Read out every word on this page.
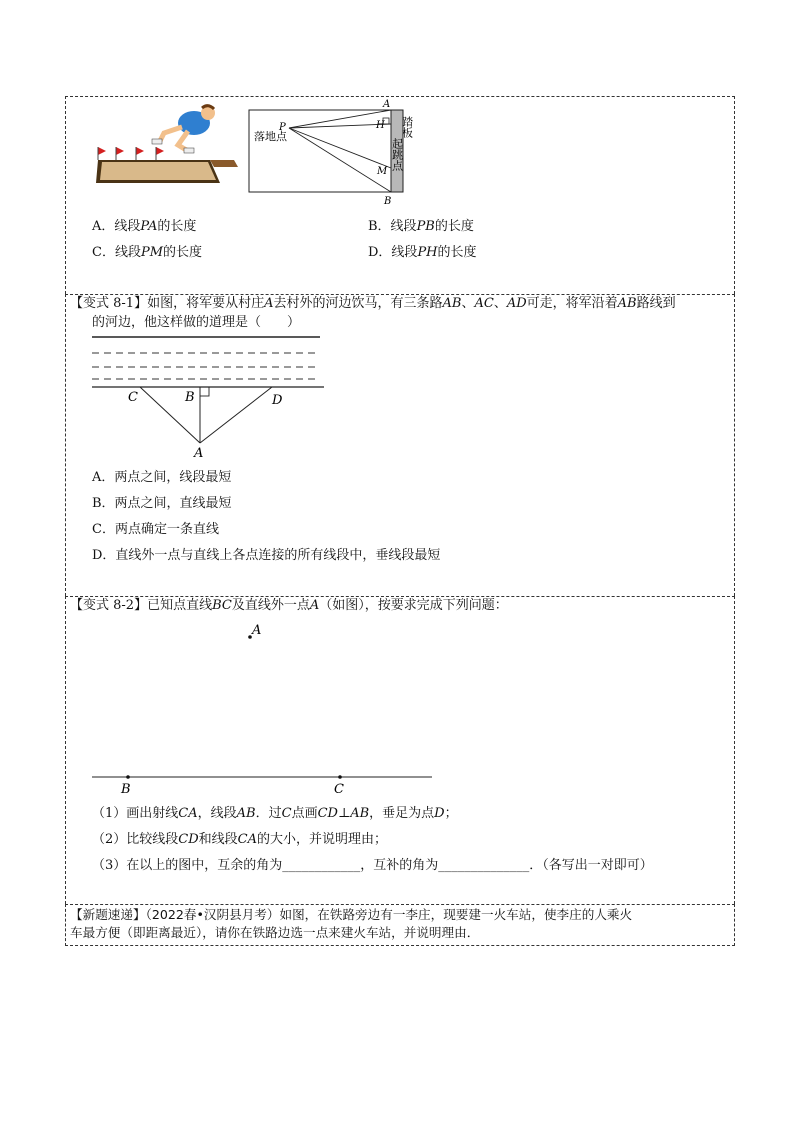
A
H
P
M
B
落地点	踏板
起跳点
A．线段PA的长度	B．线段PB的长度
C．线段PM的长度	D．线段PH的长度
【变式 8-1】如图，将军要从村庄A去村外的河边饮马，有三条路AB、AC、AD可走，将军沿着AB路线到
的河边，他这样做的道理是（　　）
C	B	D
A
A．两点之间，线段最短
B．两点之间，直线最短
C．两点确定一条直线
D．直线外一点与直线上各点连接的所有线段中，垂线段最短
【变式 8-2】已知点直线BC及直线外一点A（如图），按要求完成下列问题：
A
B	C
（1）画出射线CA，线段AB．过C点画CD⊥AB，垂足为点D；
（2）比较线段CD和线段CA的大小，并说明理由；
（3）在以上的图中，互余的角为____________，互补的角为______________．（各写出一对即可）
【新题速递】（2022春•汉阴县月考）如图，在铁路旁边有一李庄，现要建一火车站，使李庄的人乘火
车最方便（即距离最近），请你在铁路边选一点来建火车站，并说明理由．
